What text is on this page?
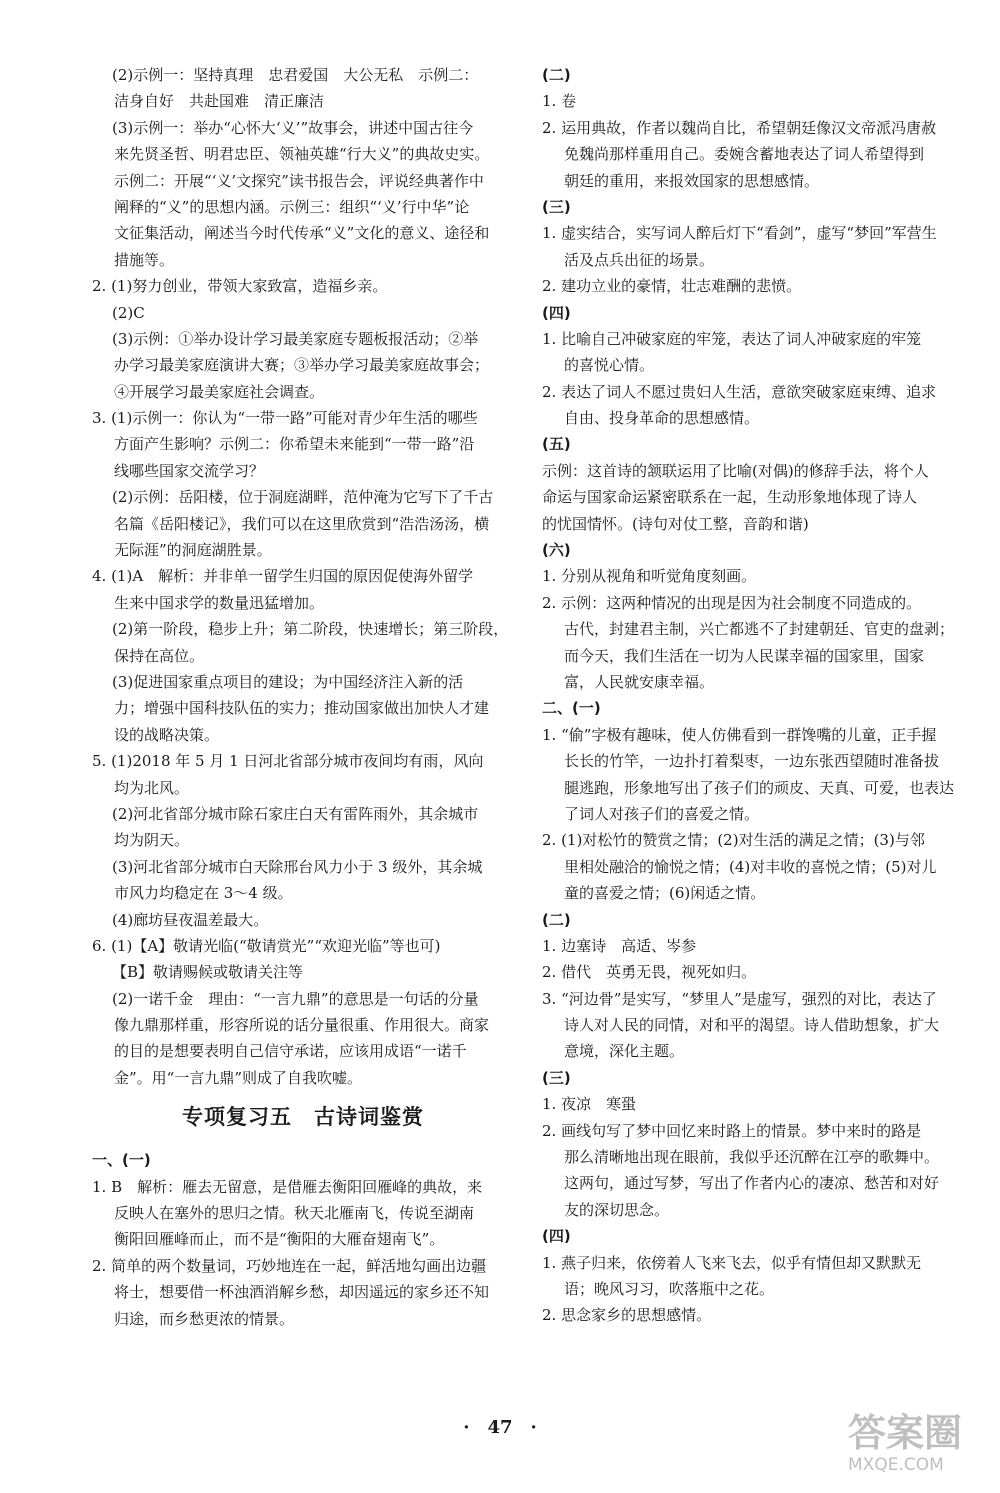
(2)示例一：坚持真理　忠君爱国　大公无私　示例二：
洁身自好　共赴国难　清正廉洁
(3)示例一：举办“心怀大‘义’”故事会，讲述中国古往今
来先贤圣哲、明君忠臣、领袖英雄“行大义”的典故史实。
示例二：开展“‘义’文探究”读书报告会，评说经典著作中
阐释的“义”的思想内涵。示例三：组织“‘义’行中华”论
文征集活动，阐述当今时代传承“义”文化的意义、途径和
措施等。
2. (1)努力创业，带领大家致富，造福乡亲。
(2)C
(3)示例：①举办设计学习最美家庭专题板报活动；②举
办学习最美家庭演讲大赛；③举办学习最美家庭故事会；
④开展学习最美家庭社会调查。
3. (1)示例一：你认为“一带一路”可能对青少年生活的哪些
方面产生影响？示例二：你希望未来能到“一带一路”沿
线哪些国家交流学习？
(2)示例：岳阳楼，位于洞庭湖畔，范仲淹为它写下了千古
名篇《岳阳楼记》，我们可以在这里欣赏到“浩浩汤汤，横
无际涯”的洞庭湖胜景。
4. (1)A　解析：并非单一留学生归国的原因促使海外留学
生来中国求学的数量迅猛增加。
(2)第一阶段，稳步上升；第二阶段，快速增长；第三阶段，
保持在高位。
(3)促进国家重点项目的建设；为中国经济注入新的活
力；增强中国科技队伍的实力；推动国家做出加快人才建
设的战略决策。
5. (1)2018 年 5 月 1 日河北省部分城市夜间均有雨，风向
均为北风。
(2)河北省部分城市除石家庄白天有雷阵雨外，其余城市
均为阴天。
(3)河北省部分城市白天除邢台风力小于 3 级外，其余城
市风力均稳定在 3～4 级。
(4)廊坊昼夜温差最大。
6. (1)【A】敬请光临(“敬请赏光”“欢迎光临”等也可)
【B】敬请赐候或敬请关注等
(2)一诺千金　理由：“一言九鼎”的意思是一句话的分量
像九鼎那样重，形容所说的话分量很重、作用很大。商家
的目的是想要表明自己信守承诺，应该用成语“一诺千
金”。用“一言九鼎”则成了自我吹嘘。
专项复习五　古诗词鉴赏
一、(一)
1. B　解析：雁去无留意，是借雁去衡阳回雁峰的典故，来
反映人在塞外的思归之情。秋天北雁南飞，传说至湖南
衡阳回雁峰而止，而不是“衡阳的大雁奋翅南飞”。
2. 简单的两个数量词，巧妙地连在一起，鲜活地勾画出边疆
将士，想要借一杯浊酒消解乡愁，却因遥远的家乡还不知
归途，而乡愁更浓的情景。
(二)
1. 卷
2. 运用典故，作者以魏尚自比，希望朝廷像汉文帝派冯唐赦
免魏尚那样重用自己。委婉含蓄地表达了词人希望得到
朝廷的重用，来报效国家的思想感情。
(三)
1. 虚实结合，实写词人醉后灯下“看剑”，虚写“梦回”军营生
活及点兵出征的场景。
2. 建功立业的豪情，壮志难酬的悲愤。
(四)
1. 比喻自己冲破家庭的牢笼，表达了词人冲破家庭的牢笼
的喜悦心情。
2. 表达了词人不愿过贵妇人生活，意欲突破家庭束缚、追求
自由、投身革命的思想感情。
(五)
示例：这首诗的颔联运用了比喻(对偶)的修辞手法，将个人
命运与国家命运紧密联系在一起，生动形象地体现了诗人
的忧国情怀。(诗句对仗工整，音韵和谐)
(六)
1. 分别从视角和听觉角度刻画。
2. 示例：这两种情况的出现是因为社会制度不同造成的。
古代，封建君主制，兴亡都逃不了封建朝廷、官吏的盘剥；
而今天，我们生活在一切为人民谋幸福的国家里，国家
富，人民就安康幸福。
二、(一)
1. “偷”字极有趣味，使人仿佛看到一群馋嘴的儿童，正手握
长长的竹竿，一边扑打着梨枣，一边东张西望随时准备拔
腿逃跑，形象地写出了孩子们的顽皮、天真、可爱，也表达
了词人对孩子们的喜爱之情。
2. (1)对松竹的赞赏之情；(2)对生活的满足之情；(3)与邻
里相处融洽的愉悦之情；(4)对丰收的喜悦之情；(5)对儿
童的喜爱之情；(6)闲适之情。
(二)
1. 边塞诗　高适、岑参
2. 借代　英勇无畏，视死如归。
3. “河边骨”是实写，“梦里人”是虚写，强烈的对比，表达了
诗人对人民的同情，对和平的渴望。诗人借助想象，扩大
意境，深化主题。
(三)
1. 夜凉　寒蛩
2. 画线句写了梦中回忆来时路上的情景。梦中来时的路是
那么清晰地出现在眼前，我似乎还沉醉在江亭的歌舞中。
这两句，通过写梦，写出了作者内心的凄凉、愁苦和对好
友的深切思念。
(四)
1. 燕子归来，依傍着人飞来飞去，似乎有情但却又默默无
语；晚风习习，吹落瓶中之花。
2. 思念家乡的思想感情。
·　47　·	答案圈
MXQE.COM
